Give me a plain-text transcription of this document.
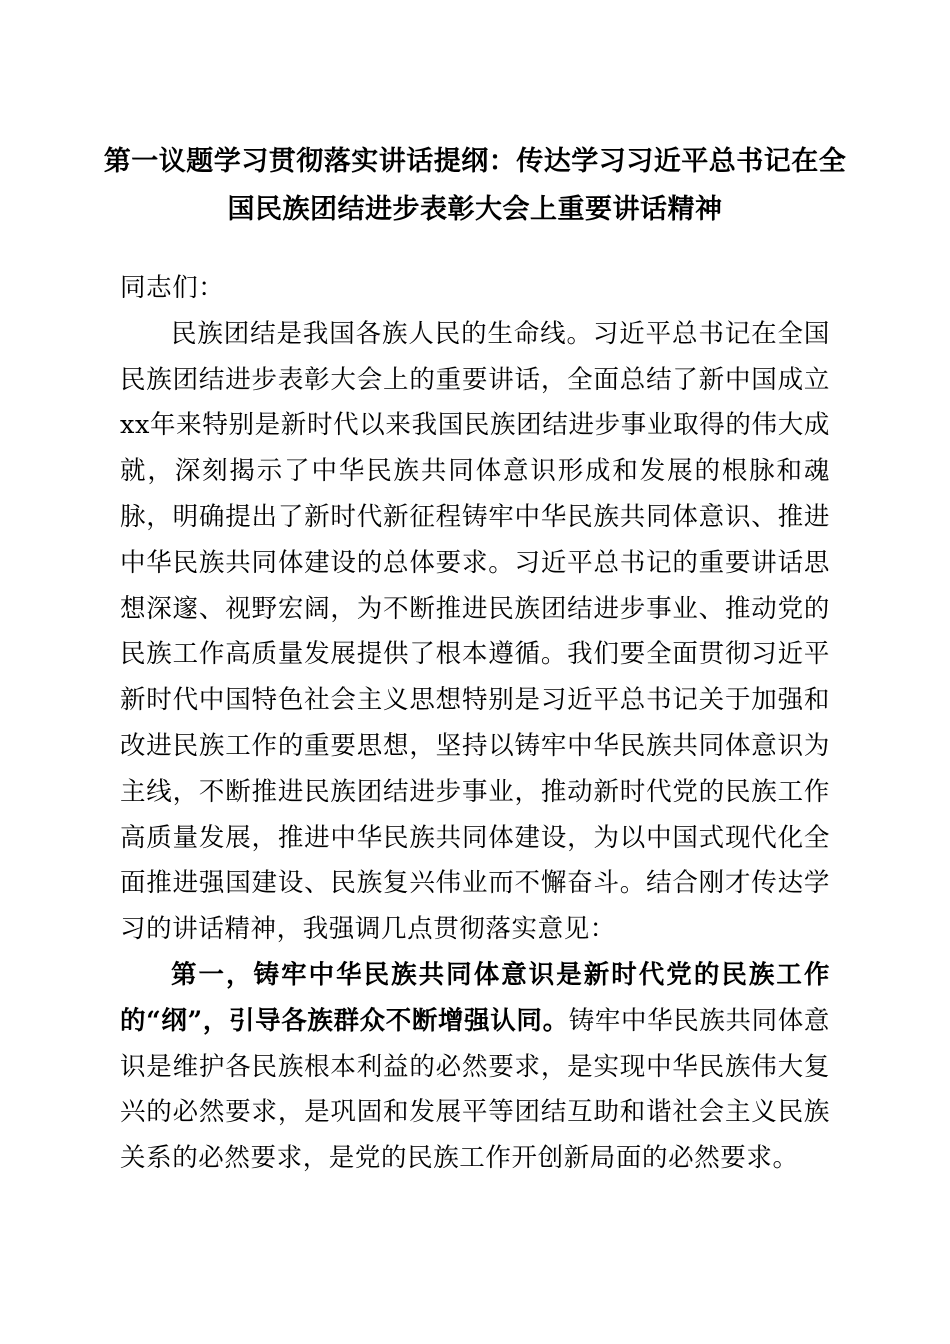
第一议题学习贯彻落实讲话提纲：传达学习习近平总书记在全国民族团结进步表彰大会上重要讲话精神

同志们：

民族团结是我国各族人民的生命线。习近平总书记在全国民族团结进步表彰大会上的重要讲话，全面总结了新中国成立xx年来特别是新时代以来我国民族团结进步事业取得的伟大成就，深刻揭示了中华民族共同体意识形成和发展的根脉和魂脉，明确提出了新时代新征程铸牢中华民族共同体意识、推进中华民族共同体建设的总体要求。习近平总书记的重要讲话思想深邃、视野宏阔，为不断推进民族团结进步事业、推动党的民族工作高质量发展提供了根本遵循。我们要全面贯彻习近平新时代中国特色社会主义思想特别是习近平总书记关于加强和改进民族工作的重要思想，坚持以铸牢中华民族共同体意识为主线，不断推进民族团结进步事业，推动新时代党的民族工作高质量发展，推进中华民族共同体建设，为以中国式现代化全面推进强国建设、民族复兴伟业而不懈奋斗。结合刚才传达学习的讲话精神，我强调几点贯彻落实意见：

第一，铸牢中华民族共同体意识是新时代党的民族工作的“纲”，引导各族群众不断增强认同。铸牢中华民族共同体意识是维护各民族根本利益的必然要求，是实现中华民族伟大复兴的必然要求，是巩固和发展平等团结互助和谐社会主义民族关系的必然要求，是党的民族工作开创新局面的必然要求。
